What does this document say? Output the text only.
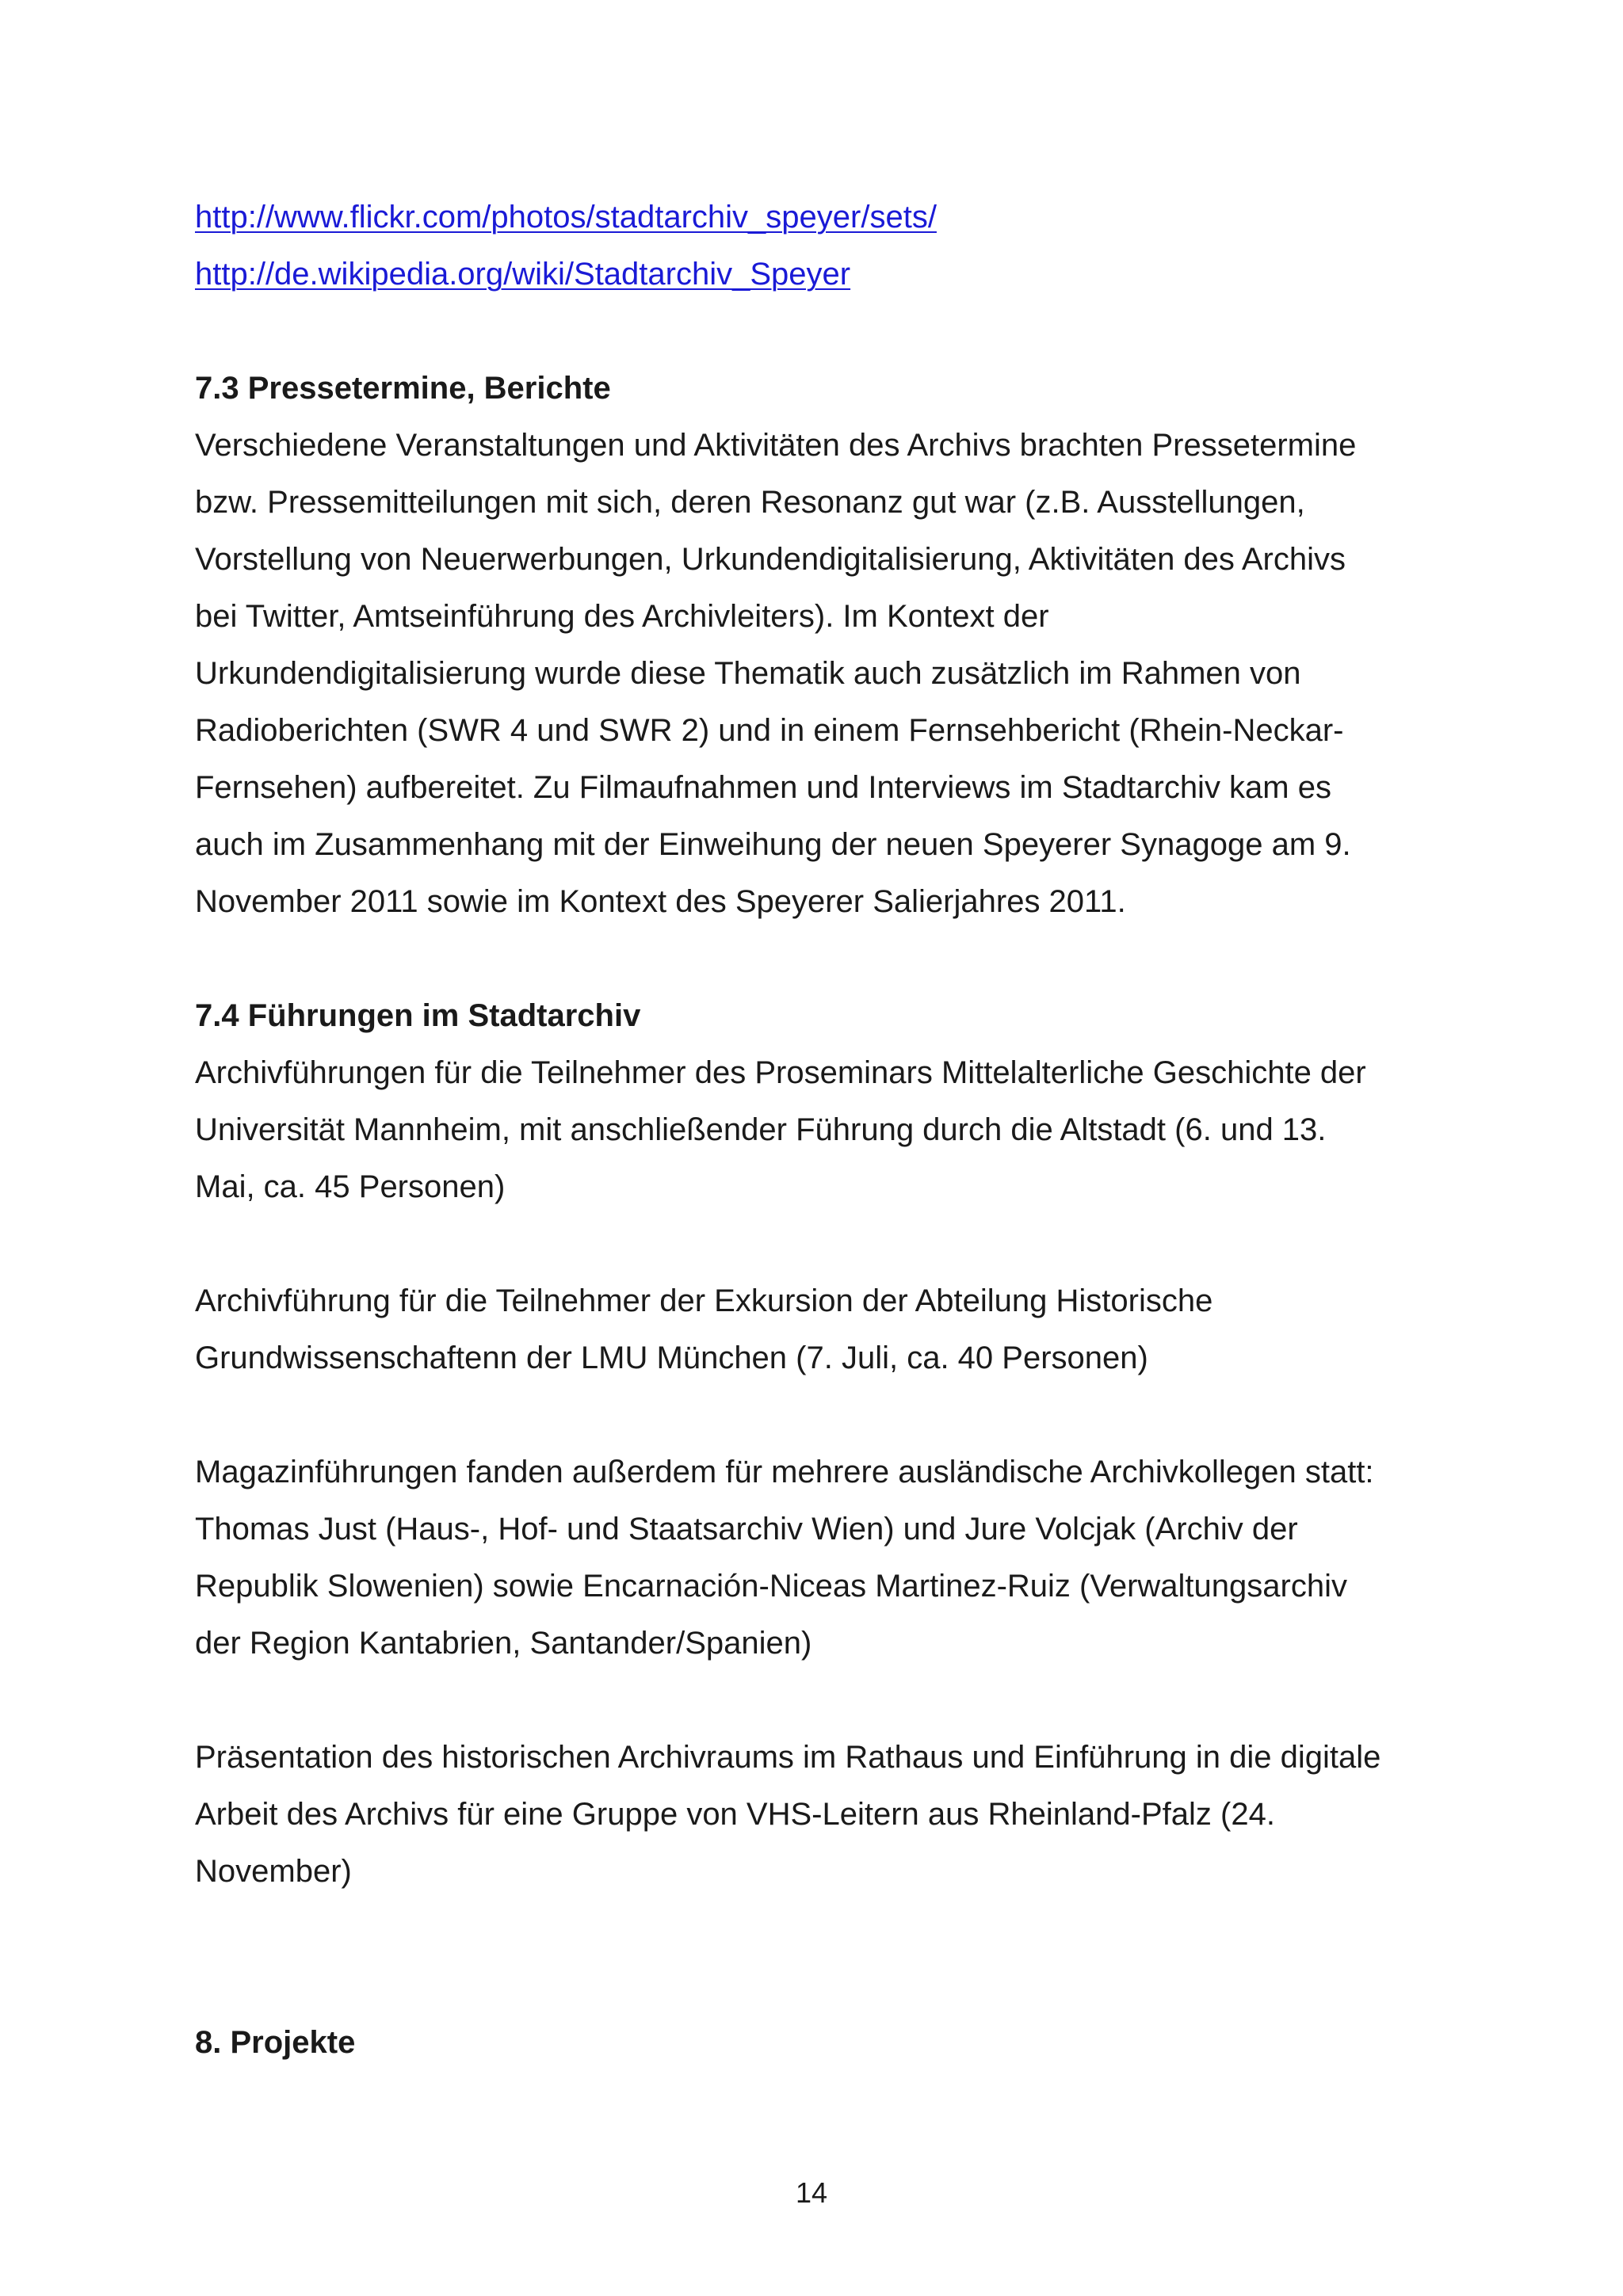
http://www.flickr.com/photos/stadtarchiv_speyer/sets/
http://de.wikipedia.org/wiki/Stadtarchiv_Speyer
7.3 Pressetermine, Berichte

Verschiedene Veranstaltungen und Aktivitäten des Archivs brachten Pressetermine
bzw. Pressemitteilungen mit sich, deren Resonanz gut war (z.B. Ausstellungen,
Vorstellung von Neuerwerbungen, Urkundendigitalisierung, Aktivitäten des Archivs
bei Twitter, Amtseinführung des Archivleiters). Im Kontext der
Urkundendigitalisierung wurde diese Thematik auch zusätzlich im Rahmen von
Radioberichten (SWR 4 und SWR 2) und in einem Fernsehbericht (Rhein-Neckar-
Fernsehen) aufbereitet. Zu Filmaufnahmen und Interviews im Stadtarchiv kam es
auch im Zusammenhang mit der Einweihung der neuen Speyerer Synagoge am 9.
November 2011 sowie im Kontext des Speyerer Salierjahres 2011.

7.4 Führungen im Stadtarchiv

Archivführungen für die Teilnehmer des Proseminars Mittelalterliche Geschichte der
Universität Mannheim, mit anschließender Führung durch die Altstadt (6. und 13.
Mai, ca. 45 Personen)

Archivführung für die Teilnehmer der Exkursion der Abteilung Historische
Grundwissenschaftenn der LMU München (7. Juli, ca. 40 Personen)

Magazinführungen fanden außerdem für mehrere ausländische Archivkollegen statt:
Thomas Just (Haus-, Hof- und Staatsarchiv Wien) und Jure Volcjak (Archiv der
Republik Slowenien) sowie Encarnación-Niceas Martinez-Ruiz (Verwaltungsarchiv
der Region Kantabrien, Santander/Spanien)

Präsentation des historischen Archivraums im Rathaus und Einführung in die digitale
Arbeit des Archivs für eine Gruppe von VHS-Leitern aus Rheinland-Pfalz (24.
November)

8. Projekte
14
